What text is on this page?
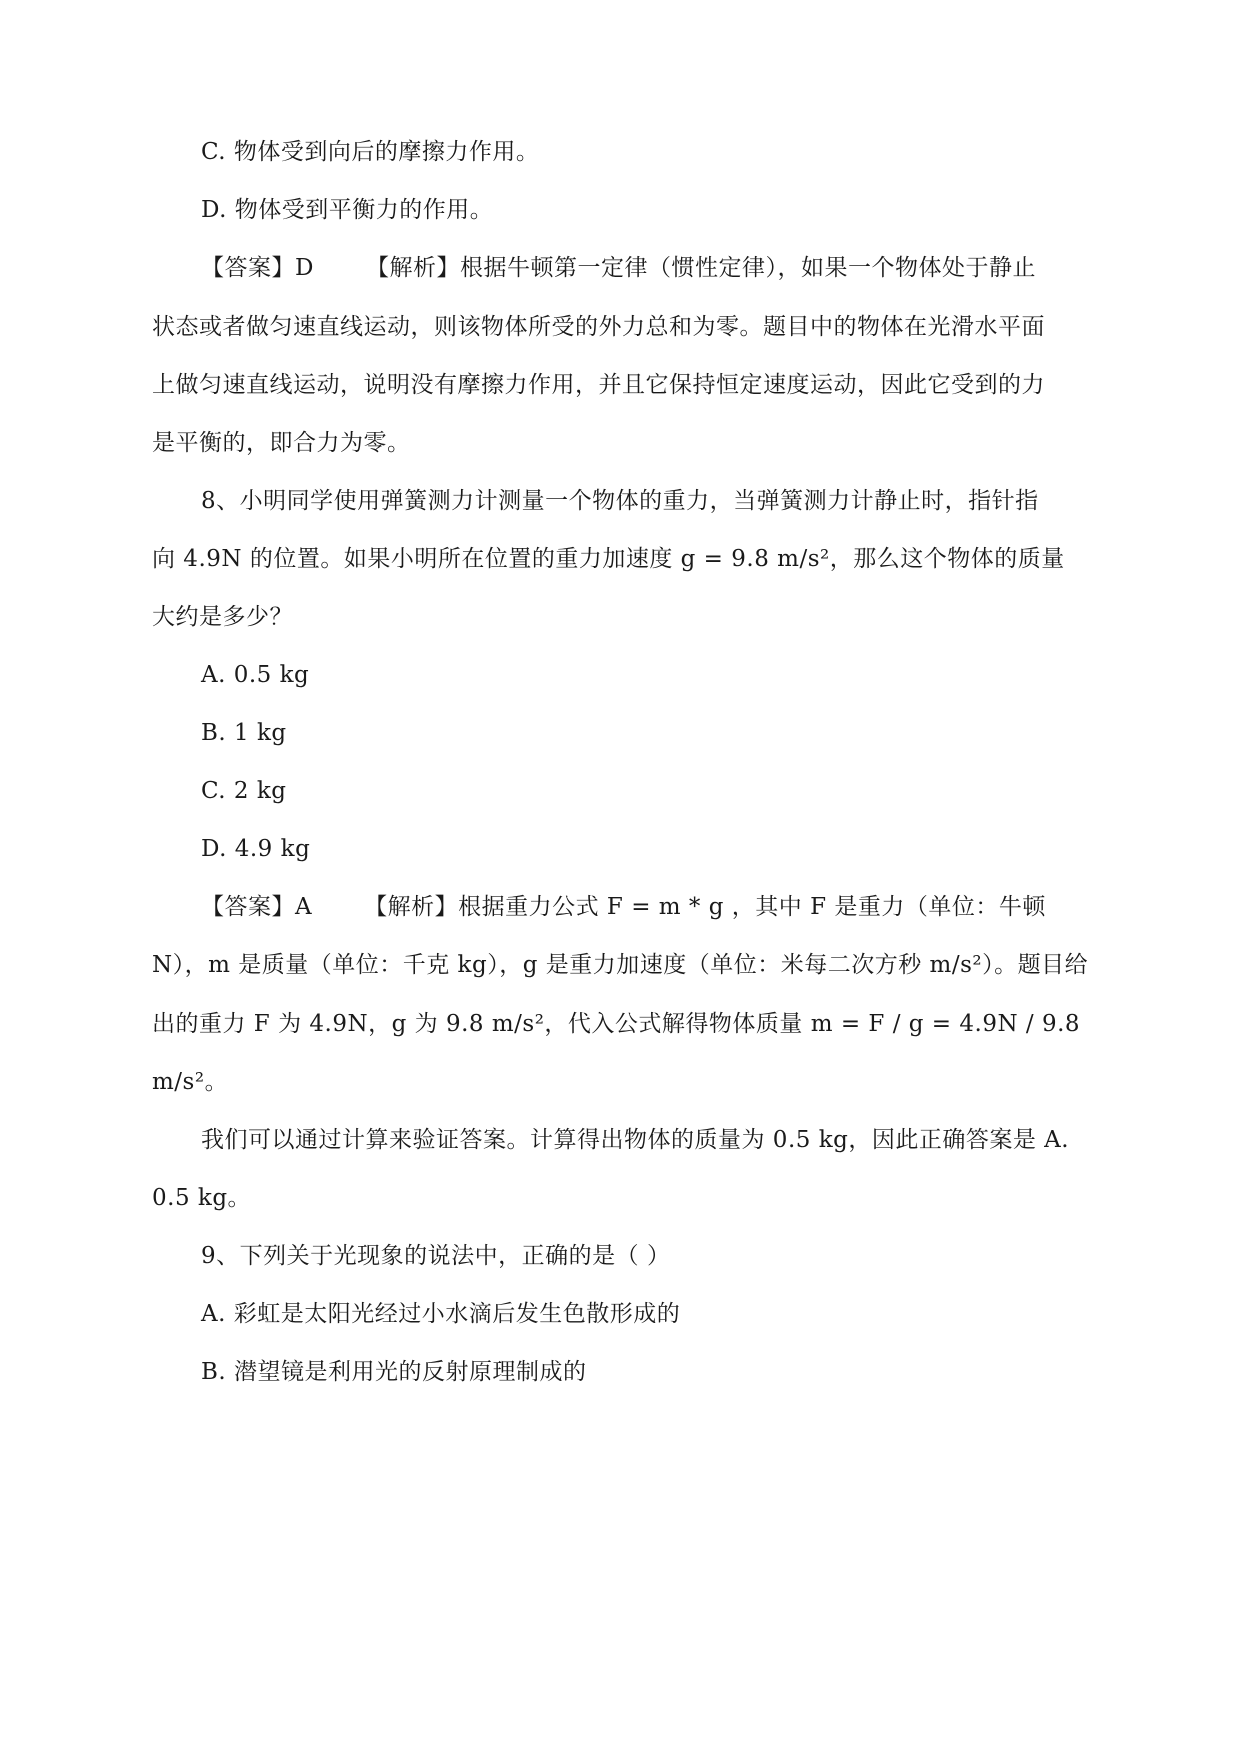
C. 物体受到向后的摩擦力作用。
D. 物体受到平衡力的作用。
【答案】D 【解析】根据牛顿第一定律（惯性定律），如果一个物体处于静止
状态或者做匀速直线运动，则该物体所受的外力总和为零。题目中的物体在光滑水平面
上做匀速直线运动，说明没有摩擦力作用，并且它保持恒定速度运动，因此它受到的力
是平衡的，即合力为零。
8、小明同学使用弹簧测力计测量一个物体的重力，当弹簧测力计静止时，指针指
向 4.9N 的位置。如果小明所在位置的重力加速度 g = 9.8 m/s²，那么这个物体的质量
大约是多少？
A. 0.5 kg
B. 1 kg
C. 2 kg
D. 4.9 kg
【答案】A 【解析】根据重力公式 F = m * g ，其中 F 是重力（单位：牛顿
N），m 是质量（单位：千克 kg），g 是重力加速度（单位：米每二次方秒 m/s²）。题目给
出的重力 F 为 4.9N，g 为 9.8 m/s²，代入公式解得物体质量 m = F / g = 4.9N / 9.8
m/s²。
我们可以通过计算来验证答案。计算得出物体的质量为 0.5 kg，因此正确答案是 A.
0.5 kg。
9、下列关于光现象的说法中，正确的是（ ）
A. 彩虹是太阳光经过小水滴后发生色散形成的
B. 潜望镜是利用光的反射原理制成的
